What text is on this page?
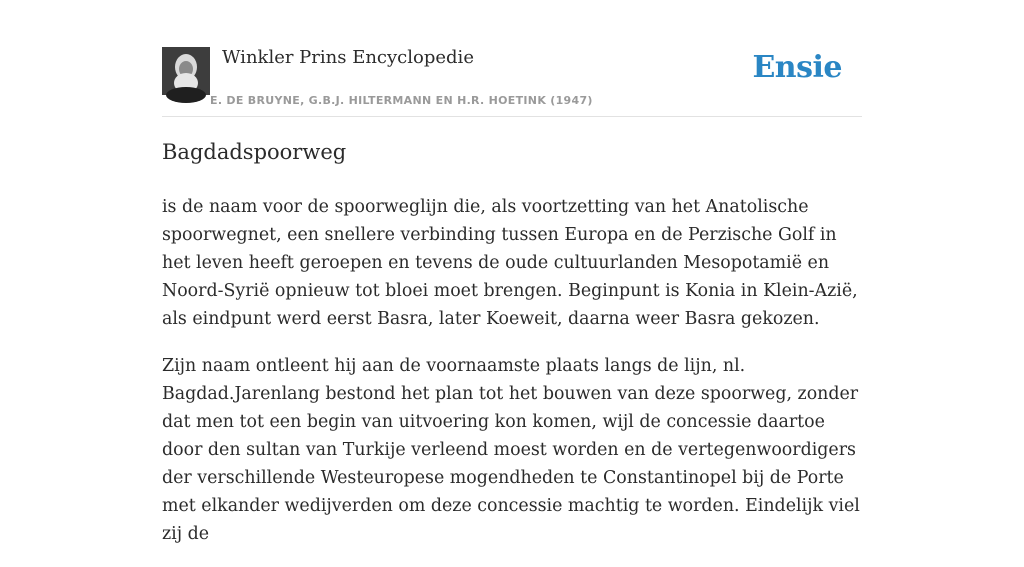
Winkler Prins Encyclopedie
E. DE BRUYNE, G.B.J. HILTERMANN EN H.R. HOETINK (1947)
Ensie
Bagdadspoorweg

is de naam voor de spoorweglijn die, als voortzetting van het Anatolische spoorwegnet, een snellere verbinding tussen Europa en de Perzische Golf in het leven heeft geroepen en tevens de oude cultuurlanden Mesopotamië en Noord-Syrië opnieuw tot bloei moet brengen. Beginpunt is Konia in Klein-Azië, als eindpunt werd eerst Basra, later Koeweit, daarna weer Basra gekozen.

Zijn naam ontleent hij aan de voornaamste plaats langs de lijn, nl. Bagdad.Jarenlang bestond het plan tot het bouwen van deze spoorweg, zonder dat men tot een begin van uitvoering kon komen, wijl de concessie daartoe door den sultan van Turkije verleend moest worden en de vertegenwoordigers der verschillende Westeuropese mogendheden te Constantinopel bij de Porte met elkander wedijverden om deze concessie machtig te worden. Eindelijk viel zij de
